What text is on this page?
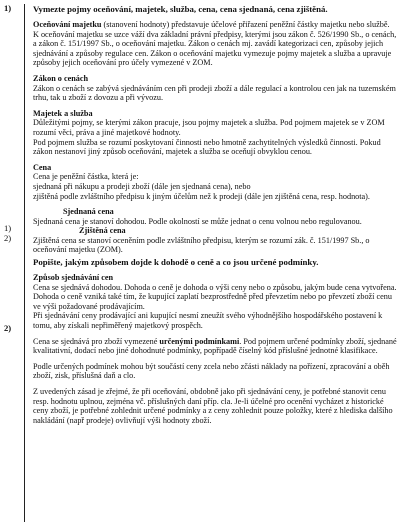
1)
1)
2)
2)

Vymezte pojmy oceňování, majetek, služba, cena, cena sjednaná, cena zjištěná.

Oceňování majetku (stanovení hodnoty) představuje účelové přiřazení peněžní částky majetku nebo službě.

K oceňování majetku se uzce váží dva základní právní předpisy, kterými jsou zákon č. 526/1990 Sb., o cenách, a zákon č. 151/1997 Sb., o oceňování majetku. Zákon o cenách mj. zavádí kategorizaci cen, způsoby jejich sjednávání a způsoby regulace cen. Zákon o oceňování majetku vymezuje pojmy majetek a služba a upravuje způsoby jejich oceňování pro účely vymezené v ZOM.

Zákon o cenách

Zákon o cenách se zabývá sjednáváním cen při prodeji zboží a dále regulací a kontrolou cen jak na tuzemském trhu, tak u zboží z dovozu a při vývozu.

Majetek a služba

Důležitými pojmy, se kterými zákon pracuje, jsou pojmy majetek a služba. Pod pojmem majetek se v ZOM rozumí věci, práva a jiné majetkové hodnoty.

Pod pojmem služba se rozumí poskytovaní činnosti nebo hmotně zachytitelných výsledků činnosti. Pokud zákon nestanoví jiný způsob oceňování, majetek a služba se oceňují obvyklou cenou.

Cena

Cena je peněžní částka, která je:

sjednaná při nákupu a prodeji zboží (dále jen sjednaná cena), nebo

zjištěná podle zvláštního předpisu k jiným účelům než k prodeji (dále jen zjištěná cena, resp. hodnota).

Sjednaná cena

Sjednaná cena je stanoví dohodou. Podle okolností se může jednat o cenu volnou nebo regulovanou.

Zjištěná cena

Zjištěná cena se stanoví oceněním podle zvláštního předpisu, kterým se rozumí zák. č. 151/1997 Sb., o oceňování majetku (ZOM).

Popište, jakým způsobem dojde k dohodě o ceně a co jsou určené podmínky.

Způsob sjednávání cen

Cena se sjednává dohodou. Dohoda o ceně je dohoda o výši ceny nebo o způsobu, jakým bude cena vytvořena. Dohoda o ceně vzniká také tím, že kupující zaplatí bezprostředně před převzetím nebo po převzetí zboží cenu ve výši požadované prodávajícím.

Při sjednávání ceny prodávající ani kupující nesmí zneužít svého výhodnějšího hospodářského postavení k tomu, aby získali nepřiměřený majetkový prospěch.

Cena se sjednává pro zboží vymezené určenými podmínkami. Pod pojmem určené podmínky zboží, sjednané kvalitativní, dodací nebo jiné dohodnuté podmínky, popřípadě číselný kód příslušné jednotné klasifikace.

Podle určených podmínek mohou být součástí ceny zcela nebo zčásti náklady na pořízení, zpracování a oběh zboží, zisk, příslušná daň a clo.

Z uvedených zásad je zřejmé, že při oceňování, obdobně jako při sjednávání ceny, je potřebné stanovit cenu resp. hodnotu uplnou, zejména vč. příslušných daní příp. cla. Je-li účelné pro ocenění vycházet z historické ceny zboží, je potřebné zohlednit určené podmínky a z ceny zohlednit pouze položky, které z hlediska dalšího nakládání (např prodeje) ovlivňují výši hodnoty zboží.
